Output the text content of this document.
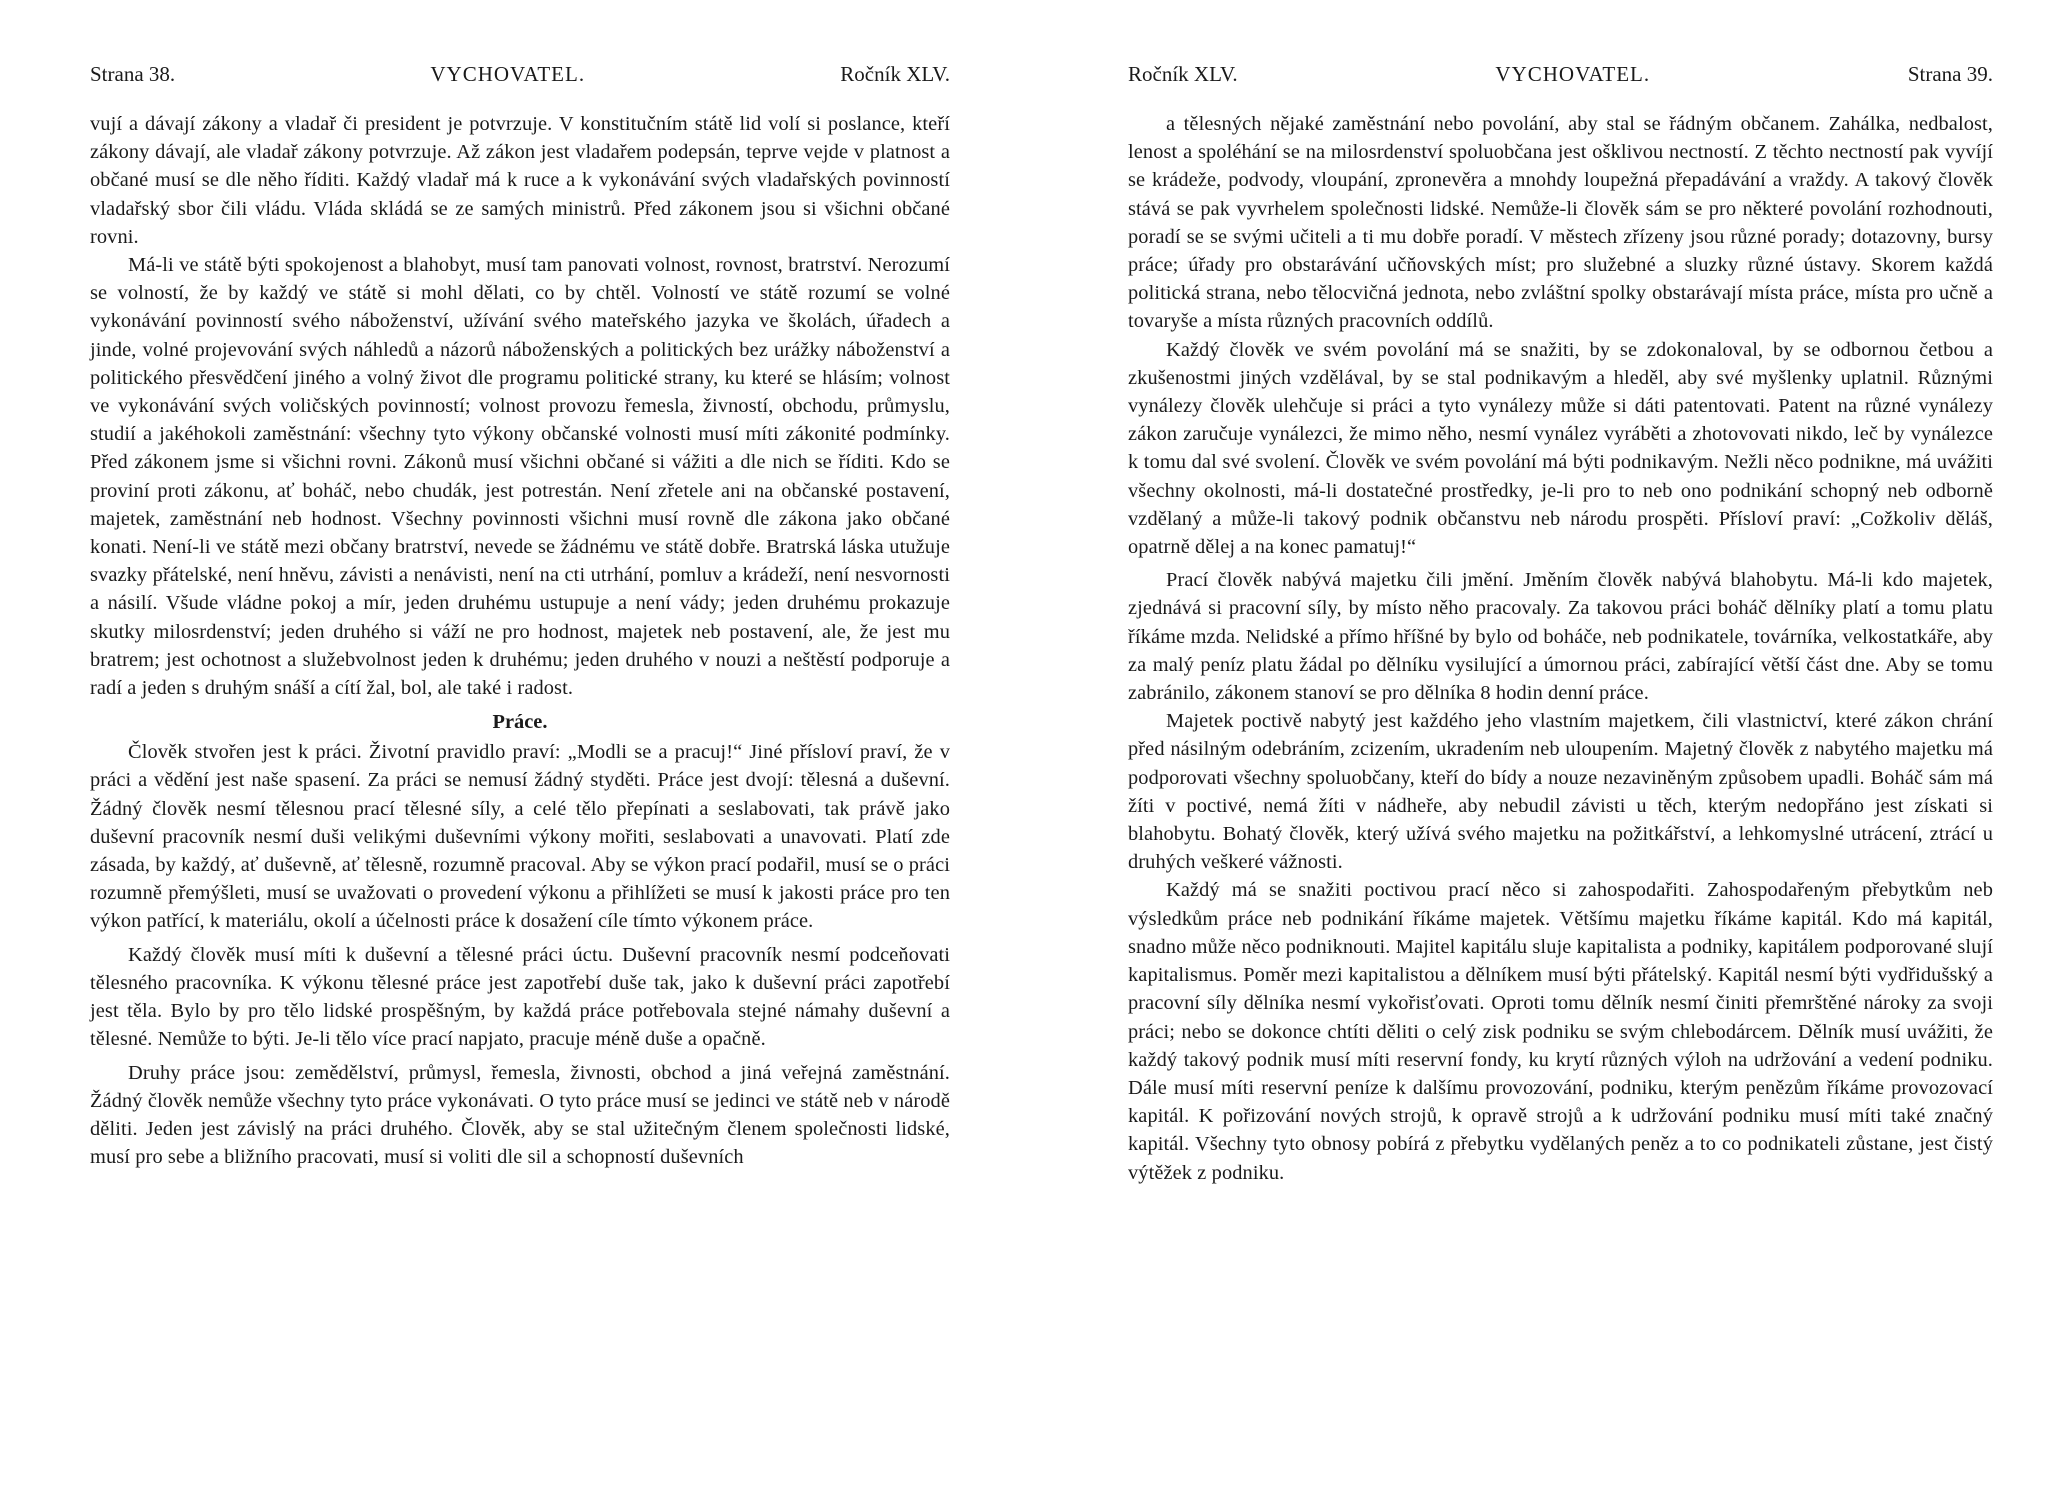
Strana 38.	VYCHOVATEL.	Ročník XLV.

vují a dávají zákony a vladař či president je potvrzuje. V konstitučním státě lid volí si poslance, kteří zákony dávají, ale vladař zákony potvrzuje. Až zákon jest vladařem podepsán, teprve vejde v platnost a občané musí se dle něho říditi. Každý vladař má k ruce a k vykonávání svých vladařských povinností vladařský sbor čili vládu. Vláda skládá se ze samých ministrů. Před zákonem jsou si všichni občané rovni.

Má-li ve státě býti spokojenost a blahobyt, musí tam panovati volnost, rovnost, bratrství. Nerozumí se volností, že by každý ve státě si mohl dělati, co by chtěl. Volností ve státě rozumí se volné vykonávání povinností svého náboženství, užívání svého mateřského jazyka ve školách, úřadech a jinde, volné projevování svých náhledů a názorů náboženských a politických bez urážky náboženství a politického přesvědčení jiného a volný život dle programu politické strany, ku které se hlásím; volnost ve vykonávání svých voličských povinností; volnost provozu řemesla, živností, obchodu, průmyslu, studií a jakéhokoli zaměstnání: všechny tyto výkony občanské volnosti musí míti zákonité podmínky. Před zákonem jsme si všichni rovni. Zákonů musí všichni občané si vážiti a dle nich se říditi. Kdo se proviní proti zákonu, ať boháč, nebo chudák, jest potrestán. Není zřetele ani na občanské postavení, majetek, zaměstnání neb hodnost. Všechny povinnosti všichni musí rovně dle zákona jako občané konati. Není-li ve státě mezi občany bratrství, nevede se žádnému ve státě dobře. Bratrská láska utužuje svazky přátelské, není hněvu, závisti a nenávisti, není na cti utrhání, pomluv a krádeží, není nesvornosti a násilí. Všude vládne pokoj a mír, jeden druhému ustupuje a není vády; jeden druhému prokazuje skutky milosrdenství; jeden druhého si váží ne pro hodnost, majetek neb postavení, ale, že jest mu bratrem; jest ochotnost a služebvolnost jeden k druhému; jeden druhého v nouzi a neštěstí podporuje a radí a jeden s druhým snáší a cítí žal, bol, ale také i radost.

Práce.

Člověk stvořen jest k práci. Životní pravidlo praví: „Modli se a pracuj!“ Jiné přísloví praví, že v práci a vědění jest naše spasení. Za práci se nemusí žádný styděti. Práce jest dvojí: tělesná a duševní. Žádný člověk nesmí tělesnou prací tělesné síly, a celé tělo přepínati a seslabovati, tak právě jako duševní pracovník nesmí duši velikými duševními výkony mořiti, seslabovati a unavovati. Platí zde zásada, by každý, ať duševně, ať tělesně, rozumně pracoval. Aby se výkon prací podařil, musí se o práci rozumně přemýšleti, musí se uvažovati o provedení výkonu a přihlížeti se musí k jakosti práce pro ten výkon patřící, k materiálu, okolí a účelnosti práce k dosažení cíle tímto výkonem práce.

Každý člověk musí míti k duševní a tělesné práci úctu. Duševní pracovník nesmí podceňovati tělesného pracovníka. K výkonu tělesné práce jest zapotřebí duše tak, jako k duševní práci zapotřebí jest těla. Bylo by pro tělo lidské prospěšným, by každá práce potřebovala stejné námahy duševní a tělesné. Nemůže to býti. Je-li tělo více prací napjato, pracuje méně duše a opačně.

Druhy práce jsou: zemědělství, průmysl, řemesla, živnosti, obchod a jiná veřejná zaměstnání. Žádný člověk nemůže všechny tyto práce vykonávati. O tyto práce musí se jedinci ve státě neb v národě děliti. Jeden jest závislý na práci druhého. Člověk, aby se stal užitečným členem společnosti lidské, musí pro sebe a bližního pracovati, musí si voliti dle sil a schopností duševních

Ročník XLV.	VYCHOVATEL.	Strana 39.

a tělesných nějaké zaměstnání nebo povolání, aby stal se řádným občanem. Zahálka, nedbalost, lenost a spoléhání se na milosrdenství spoluobčana jest ošklivou nectností. Z těchto nectností pak vyvíjí se krádeže, podvody, vloupání, zpronevěra a mnohdy loupežná přepadávání a vraždy. A takový člověk stává se pak vyvrhelem společnosti lidské. Nemůže-li člověk sám se pro některé povolání rozhodnouti, poradí se se svými učiteli a ti mu dobře poradí. V městech zřízeny jsou různé porady; dotazovny, bursy práce; úřady pro obstarávání učňovských míst; pro služebné a sluzky různé ústavy. Skorem každá politická strana, nebo tělocvičná jednota, nebo zvláštní spolky obstarávají místa práce, místa pro učně a tovaryše a místa různých pracovních oddílů.

Každý člověk ve svém povolání má se snažiti, by se zdokonaloval, by se odbornou četbou a zkušenostmi jiných vzdělával, by se stal podnikavým a hleděl, aby své myšlenky uplatnil. Různými vynálezy člověk ulehčuje si práci a tyto vynálezy může si dáti patentovati. Patent na různé vynálezy zákon zaručuje vynálezci, že mimo něho, nesmí vynález vyráběti a zhotovovati nikdo, leč by vynálezce k tomu dal své svolení. Člověk ve svém povolání má býti podnikavým. Nežli něco podnikne, má uvážiti všechny okolnosti, má-li dostatečné prostředky, je-li pro to neb ono podnikání schopný neb odborně vzdělaný a může-li takový podnik občanstvu neb národu prospěti. Přísloví praví: „Cožkoliv děláš, opatrně dělej a na konec pamatuj!“

Prací člověk nabývá majetku čili jmění. Jměním člověk nabývá blahobytu. Má-li kdo majetek, zjednává si pracovní síly, by místo něho pracovaly. Za takovou práci boháč dělníky platí a tomu platu říkáme mzda. Nelidské a přímo hříšné by bylo od boháče, neb podnikatele, továrníka, velkostatkáře, aby za malý peníz platu žádal po dělníku vysilující a úmornou práci, zabírající větší část dne. Aby se tomu zabránilo, zákonem stanoví se pro dělníka 8 hodin denní práce.

Majetek poctivě nabytý jest každého jeho vlastním majetkem, čili vlastnictví, které zákon chrání před násilným odebráním, zcizením, ukradením neb uloupením. Majetný člověk z nabytého majetku má podporovati všechny spoluobčany, kteří do bídy a nouze nezaviněným způsobem upadli. Boháč sám má žíti v poctivé, nemá žíti v nádheře, aby nebudil závisti u těch, kterým nedopřáno jest získati si blahobytu. Bohatý člověk, který užívá svého majetku na požitkářství, a lehkomyslné utrácení, ztrácí u druhých veškeré vážnosti.

Každý má se snažiti poctivou prací něco si zahospodařiti. Zahospodařeným přebytkům neb výsledkům práce neb podnikání říkáme majetek. Většímu majetku říkáme kapitál. Kdo má kapitál, snadno může něco podniknouti. Majitel kapitálu sluje kapitalista a podniky, kapitálem podporované slují kapitalismus. Poměr mezi kapitalistou a dělníkem musí býti přátelský. Kapitál nesmí býti vydřidušský a pracovní síly dělníka nesmí vykořisťovati. Oproti tomu dělník nesmí činiti přemrštěné nároky za svoji práci; nebo se dokonce chtíti děliti o celý zisk podniku se svým chlebodárcem. Dělník musí uvážiti, že každý takový podnik musí míti reservní fondy, ku krytí různých výloh na udržování a vedení podniku. Dále musí míti reservní peníze k dalšímu provozování, podniku, kterým penězům říkáme provozovací kapitál. K pořizování nových strojů, k opravě strojů a k udržování podniku musí míti také značný kapitál. Všechny tyto obnosy pobírá z přebytku vydělaných peněz a to co podnikateli zůstane, jest čistý výtěžek z podniku.
